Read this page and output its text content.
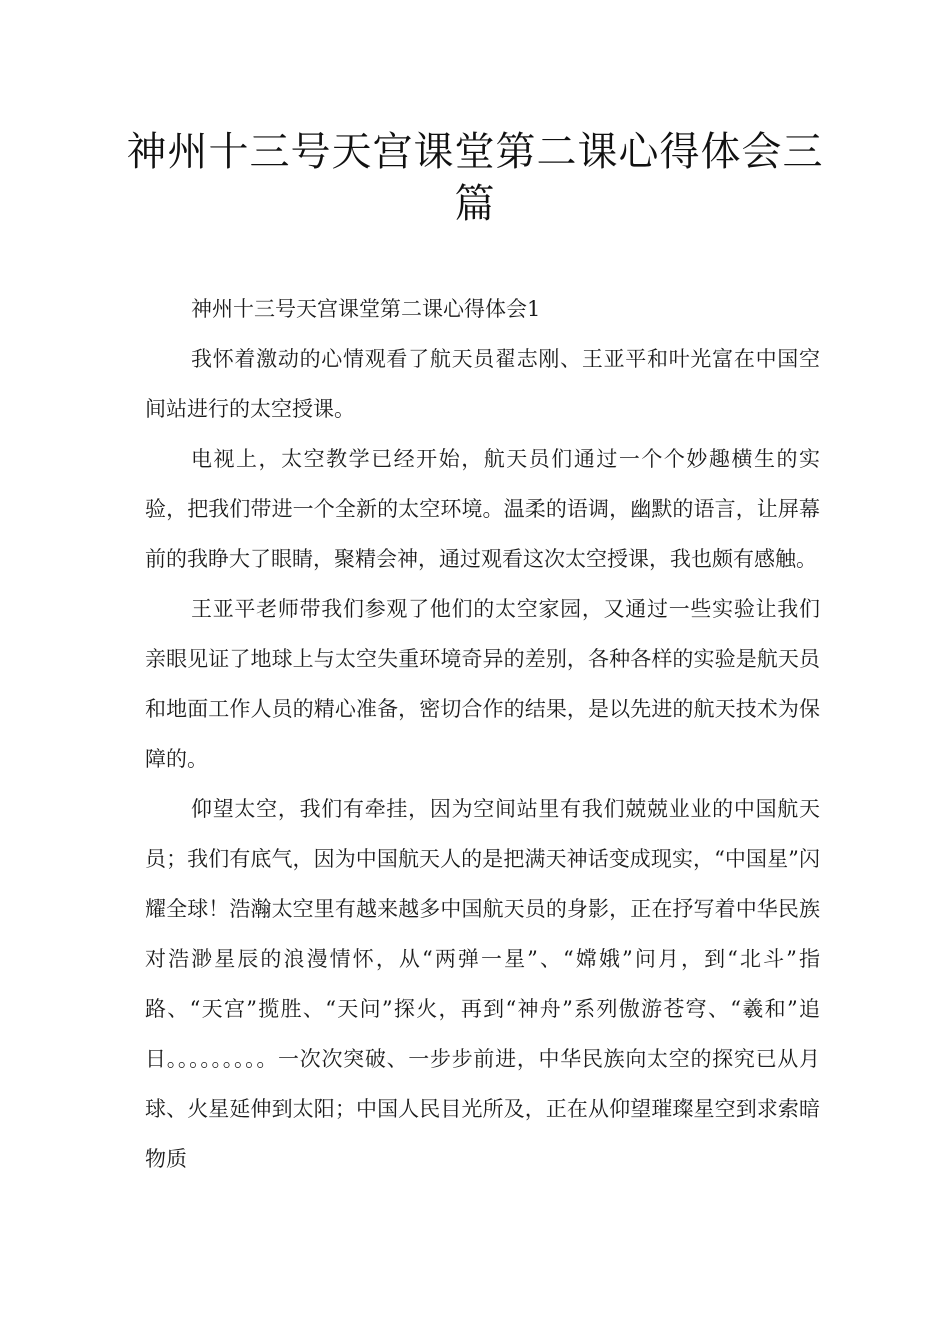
神州十三号天宫课堂第二课心得体会三篇

神州十三号天宫课堂第二课心得体会1

我怀着激动的心情观看了航天员翟志刚、王亚平和叶光富在中国空间站进行的太空授课。

电视上，太空教学已经开始，航天员们通过一个个妙趣横生的实验，把我们带进一个全新的太空环境。温柔的语调，幽默的语言，让屏幕前的我睁大了眼睛，聚精会神，通过观看这次太空授课，我也颇有感触。

王亚平老师带我们参观了他们的太空家园，又通过一些实验让我们亲眼见证了地球上与太空失重环境奇异的差别，各种各样的实验是航天员和地面工作人员的精心准备，密切合作的结果，是以先进的航天技术为保障的。

仰望太空，我们有牵挂，因为空间站里有我们兢兢业业的中国航天员；我们有底气，因为中国航天人的是把满天神话变成现实，“中国星”闪耀全球！浩瀚太空里有越来越多中国航天员的身影，正在抒写着中华民族对浩渺星辰的浪漫情怀，从“两弹一星”、“嫦娥”问月，到“北斗”指路、“天宫”揽胜、“天问”探火，再到“神舟”系列傲游苍穹、“羲和”追日。。。。。。。。。一次次突破、一步步前进，中华民族向太空的探究已从月球、火星延伸到太阳；中国人民目光所及，正在从仰望璀璨星空到求索暗物质
